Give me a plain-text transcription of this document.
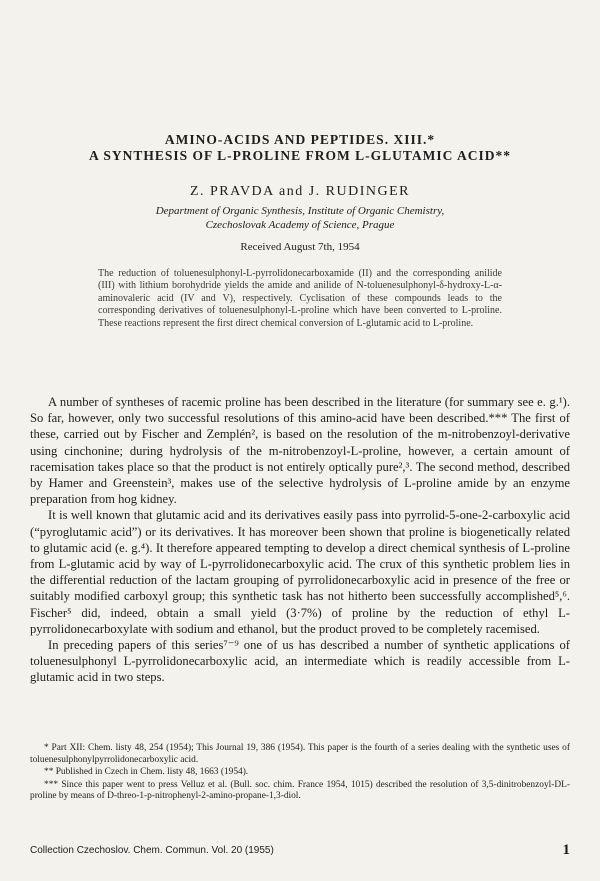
AMINO-ACIDS AND PEPTIDES. XIII.*
A SYNTHESIS OF L-PROLINE FROM L-GLUTAMIC ACID**
Z. PRAVDA and J. RUDINGER
Department of Organic Synthesis, Institute of Organic Chemistry,
Czechoslovak Academy of Science, Prague
Received August 7th, 1954
The reduction of toluenesulphonyl-L-pyrrolidonecarboxamide (II) and the corresponding anilide (III) with lithium borohydride yields the amide and anilide of N-toluenesulphonyl-δ-hydroxy-L-α-aminovaleric acid (IV and V), respectively. Cyclisation of these compounds leads to the corresponding derivatives of toluenesulphonyl-L-proline which have been converted to L-proline. These reactions represent the first direct chemical conversion of L-glutamic acid to L-proline.

A number of syntheses of racemic proline has been described in the literature (for summary see e. g.¹). So far, however, only two successful resolutions of this amino-acid have been described.*** The first of these, carried out by Fischer and Zemplén², is based on the resolution of the m-nitrobenzoyl-derivative using cinchonine; during hydrolysis of the m-nitrobenzoyl-L-proline, however, a certain amount of racemisation takes place so that the product is not entirely optically pure²,³. The second method, described by Hamer and Greenstein³, makes use of the selective hydrolysis of L-proline amide by an enzyme preparation from hog kidney.

It is well known that glutamic acid and its derivatives easily pass into pyrrolid-5-one-2-carboxylic acid (“pyroglutamic acid”) or its derivatives. It has moreover been shown that proline is biogenetically related to glutamic acid (e. g.⁴). It therefore appeared tempting to develop a direct chemical synthesis of L-proline from L-glutamic acid by way of L-pyrrolidonecarboxylic acid. The crux of this synthetic problem lies in the differential reduction of the lactam grouping of pyrrolidonecarboxylic acid in presence of the free or suitably modified carboxyl group; this synthetic task has not hitherto been successfully accomplished⁵,⁶. Fischer⁵ did, indeed, obtain a small yield (3·7%) of proline by the reduction of ethyl L-pyrrolidonecarboxylate with sodium and ethanol, but the product proved to be completely racemised.

In preceding papers of this series⁷⁻⁹ one of us has described a number of synthetic applications of toluenesulphonyl L-pyrrolidonecarboxylic acid, an intermediate which is readily accessible from L-glutamic acid in two steps.

* Part XII: Chem. listy 48, 254 (1954); This Journal 19, 386 (1954). This paper is the fourth of a series dealing with the synthetic uses of toluenesulphonylpyrrolidonecarboxylic acid.

** Published in Czech in Chem. listy 48, 1663 (1954).

*** Since this paper went to press Velluz et al. (Bull. soc. chim. France 1954, 1015) described the resolution of 3,5-dinitrobenzoyl-DL-proline by means of D-threo-1-p-nitrophenyl-2-amino-propane-1,3-diol.

Collection Czechoslov. Chem. Commun. Vol. 20 (1955)	1
